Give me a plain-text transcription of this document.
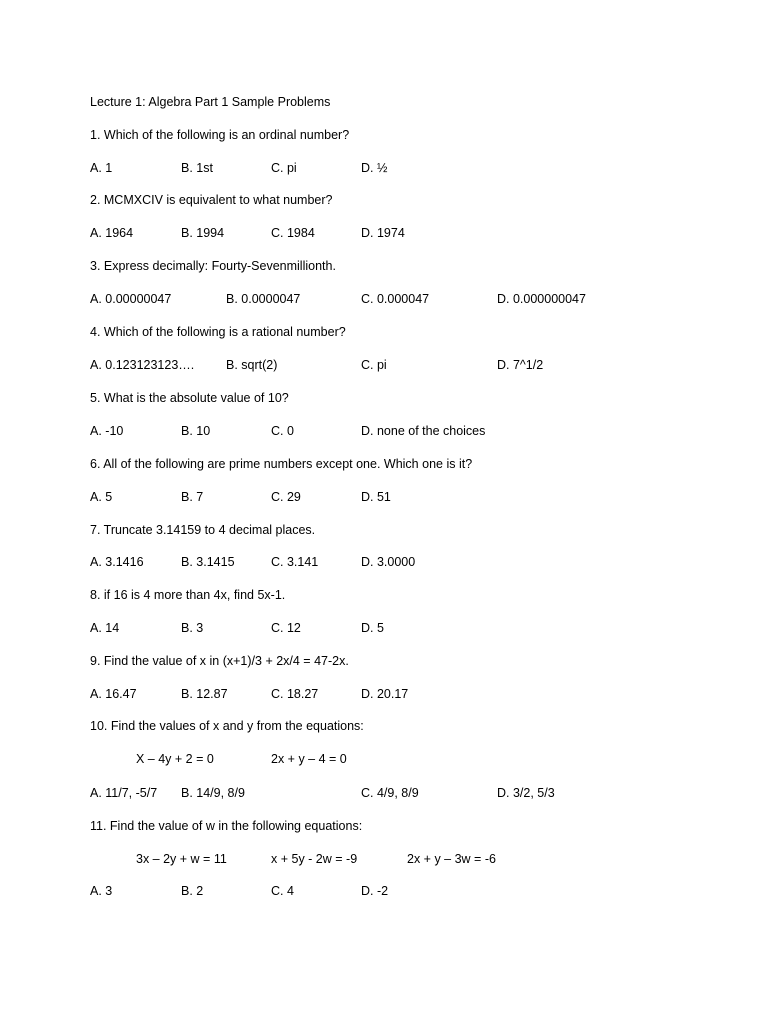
Lecture 1: Algebra Part 1 Sample Problems
1. Which of the following is an ordinal number?
A. 1	B. 1st	C. pi	D. ½
2. MCMXCIV is equivalent to what number?
A. 1964	B. 1994	C. 1984	D. 1974
3. Express decimally: Fourty-Sevenmillionth.
A. 0.00000047	B. 0.0000047	C. 0.000047	D. 0.000000047
4. Which of the following is a rational number?
A. 0.123123123….	B. sqrt(2)	C. pi	D. 7^1/2
5. What is the absolute value of 10?
A. -10	B. 10	C. 0	D. none of the choices
6. All of the following are prime numbers except one. Which one is it?
A. 5	B. 7	C. 29	D. 51
7. Truncate 3.14159 to 4 decimal places.
A. 3.1416	B. 3.1415	C. 3.141	D. 3.0000
8. if 16 is 4 more than 4x, find 5x-1.
A. 14	B. 3	C. 12	D. 5
9. Find the value of x in (x+1)/3 + 2x/4 = 47-2x.
A. 16.47	B. 12.87	C. 18.27	D. 20.17
10. Find the values of x and y from the equations:
X – 4y + 2 = 0	2x + y – 4 = 0
A. 11/7, -5/7 B. 14/9, 8/9	C. 4/9, 8/9	D. 3/2, 5/3
11. Find the value of w in the following equations:
3x – 2y + w = 11	x + 5y - 2w = -9	2x + y – 3w = -6
A. 3	B. 2	C. 4	D. -2
